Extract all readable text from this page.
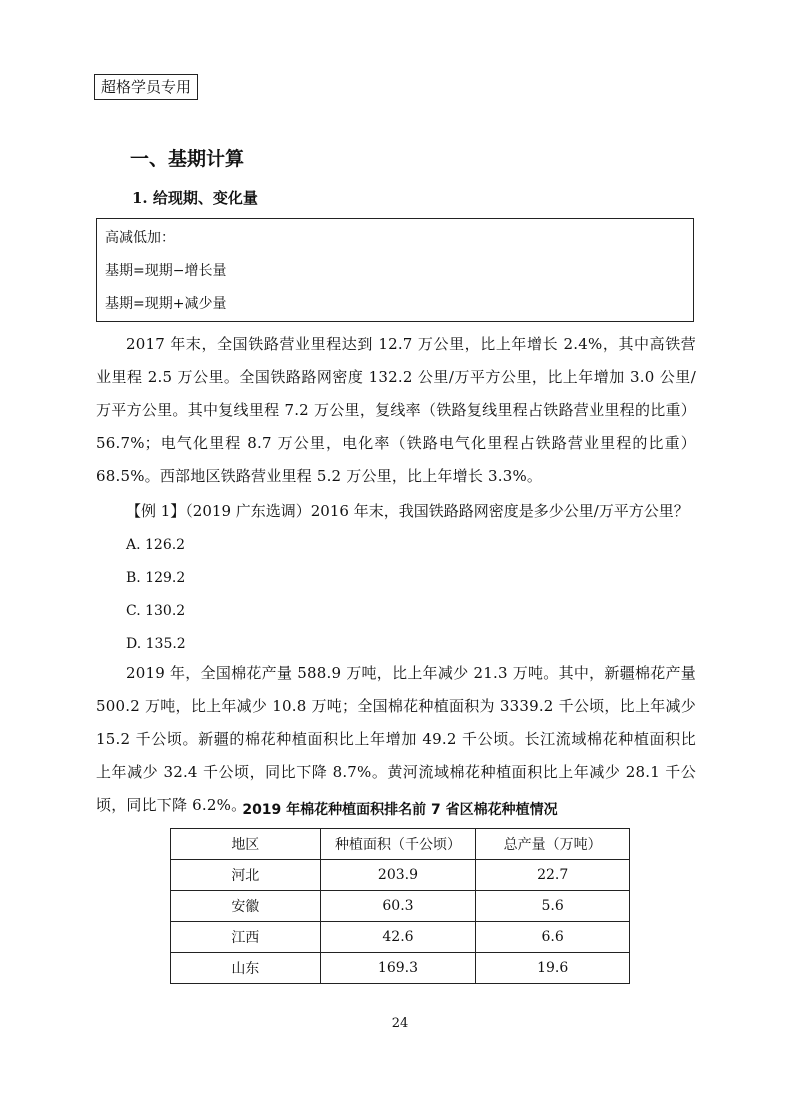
超格学员专用
一、基期计算
1. 给现期、变化量
高减低加：
基期=现期−增长量
基期=现期+减少量
2017 年末，全国铁路营业里程达到 12.7 万公里，比上年增长 2.4%，其中高铁营业里程 2.5 万公里。全国铁路路网密度 132.2 公里/万平方公里，比上年增加 3.0 公里/万平方公里。其中复线里程 7.2 万公里，复线率（铁路复线里程占铁路营业里程的比重）56.7%；电气化里程 8.7 万公里，电化率（铁路电气化里程占铁路营业里程的比重）68.5%。西部地区铁路营业里程 5.2 万公里，比上年增长 3.3%。
【例 1】（2019 广东选调）2016 年末，我国铁路路网密度是多少公里/万平方公里？
A. 126.2
B. 129.2
C. 130.2
D. 135.2
2019 年，全国棉花产量 588.9 万吨，比上年减少 21.3 万吨。其中，新疆棉花产量 500.2 万吨，比上年减少 10.8 万吨；全国棉花种植面积为 3339.2 千公顷，比上年减少 15.2 千公顷。新疆的棉花种植面积比上年增加 49.2 千公顷。长江流域棉花种植面积比上年减少 32.4 千公顷，同比下降 8.7%。黄河流域棉花种植面积比上年减少 28.1 千公顷，同比下降 6.2%。
2019 年棉花种植面积排名前 7 省区棉花种植情况
地区	种植面积（千公顷）	总产量（万吨）
河北	203.9	22.7
安徽	60.3	5.6
江西	42.6	6.6
山东	169.3	19.6
24
